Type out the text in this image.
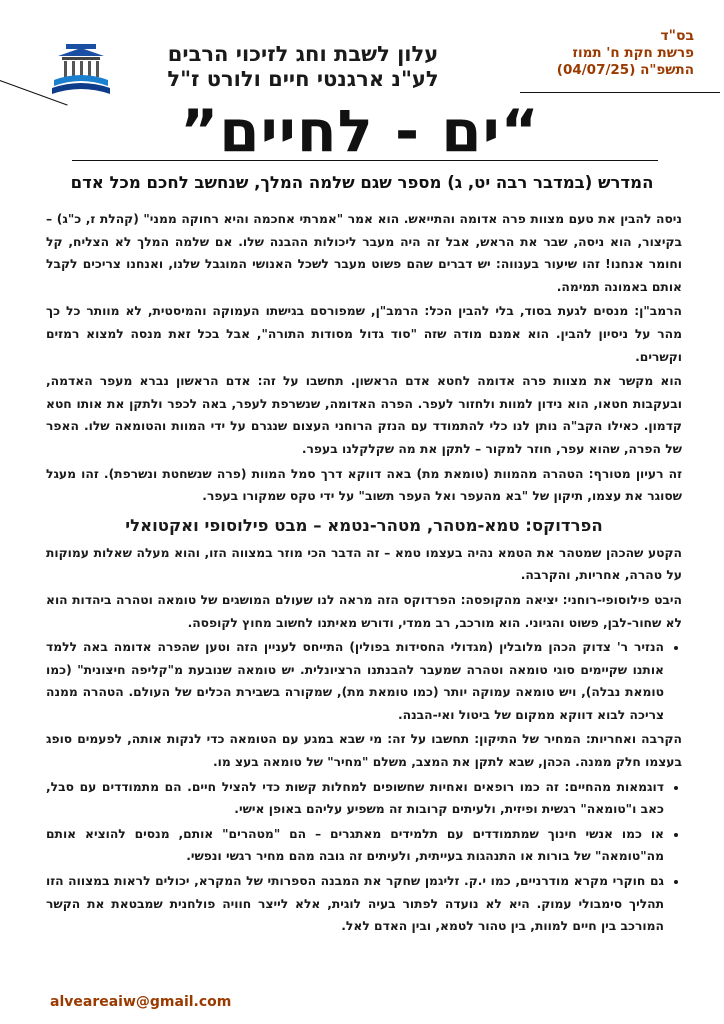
בס"ד
פרשת חקת ח' תמוז
התשפ"ה (04/07/25)
עלון לשבת וחג לזיכוי הרבים
לע"נ ארגנטי חיים ולורט ז"ל
“ים - לחיים”
המדרש (במדבר רבה יט, ג) מספר שגם שלמה המלך, שנחשב לחכם מכל אדם

ניסה להבין את טעם מצוות פרה אדומה והתייאש. הוא אמר "אמרתי אחכמה והיא רחוקה ממני" (קהלת ז, כ"ג) – בקיצור, הוא ניסה, שבר את הראש, אבל זה היה מעבר ליכולות ההבנה שלו. אם שלמה המלך לא הצליח, קל וחומר אנחנו! זהו שיעור בענווה: יש דברים שהם פשוט מעבר לשכל האנושי המוגבל שלנו, ואנחנו צריכים לקבל אותם באמונה תמימה.

הרמב"ן: מנסים לגעת בסוד, בלי להבין הכל: הרמב"ן, שמפורסם בגישתו העמוקה והמיסטית, לא מוותר כל כך מהר על ניסיון להבין. הוא אמנם מודה שזה "סוד גדול מסודות התורה", אבל בכל זאת מנסה למצוא רמזים וקשרים.

הוא מקשר את מצוות פרה אדומה לחטא אדם הראשון. תחשבו על זה: אדם הראשון נברא מעפר האדמה, ובעקבות חטאו, הוא נידון למוות ולחזור לעפר. הפרה האדומה, שנשרפת לעפר, באה לכפר ולתקן את אותו חטא קדמון. כאילו הקב"ה נותן לנו כלי להתמודד עם הנזק הרוחני העצום שנגרם על ידי המוות והטומאה שלו. האפר של הפרה, שהוא עפר, חוזר למקור – לתקן את מה שקלקלנו בעפר.

זה רעיון מטורף: הטהרה מהמוות (טומאת מת) באה דווקא דרך סמל המוות (פרה שנשחטת ונשרפת). זהו מעגל שסוגר את עצמו, תיקון של "בא מהעפר ואל העפר תשוב" על ידי טקס שמקורו בעפר.

הפרדוקס: טמא-מטהר, מטהר-נטמא – מבט פילוסופי ואקטואלי

הקטע שהכהן שמטהר את הטמא נהיה בעצמו טמא – זה הדבר הכי מוזר במצווה הזו, והוא מעלה שאלות עמוקות על טהרה, אחריות, והקרבה.

היבט פילוסופי-רוחני: יציאה מהקופסה: הפרדוקס הזה מראה לנו שעולם המושגים של טומאה וטהרה ביהדות הוא לא שחור-לבן, פשוט והגיוני. הוא מורכב, רב ממדי, ודורש מאיתנו לחשוב מחוץ לקופסה.

• הנזיר ר' צדוק הכהן מלובלין (מגדולי החסידות בפולין) התייחס לעניין הזה וטען שהפרה אדומה באה ללמד אותנו שקיימים סוגי טומאה וטהרה שמעבר להבנתנו הרציונלית. יש טומאה שנובעת מ"קליפה חיצונית" (כמו טומאת נבלה), ויש טומאה עמוקה יותר (כמו טומאת מת), שמקורה בשבירת הכלים של העולם. הטהרה ממנה צריכה לבוא דווקא ממקום של ביטול ואי-הבנה.

הקרבה ואחריות: המחיר של התיקון: תחשבו על זה: מי שבא במגע עם הטומאה כדי לנקות אותה, לפעמים סופג בעצמו חלק ממנה. הכהן, שבא לתקן את המצב, משלם "מחיר" של טומאה בעצ מו.

• דוגמאות מהחיים: זה כמו רופאים ואחיות שחשופים למחלות קשות כדי להציל חיים. הם מתמודדים עם סבל, כאב ו"טומאה" רגשית ופיזית, ולעיתים קרובות זה משפיע עליהם באופן אישי.
• או כמו אנשי חינוך שמתמודדים עם תלמידים מאתגרים – הם "מטהרים" אותם, מנסים להוציא אותם מה"טומאה" של בורות או התנהגות בעייתית, ולעיתים זה גובה מהם מחיר רגשי ונפשי.
• גם חוקרי מקרא מודרניים, כמו י.ק. זליגמן שחקר את המבנה הספרותי של המקרא, יכולים לראות במצווה הזו תהליך סימבולי עמוק. היא לא נועדה לפתור בעיה לוגית, אלא לייצר חוויה פולחנית שמבטאת את הקשר המורכב בין חיים למוות, בין טהור לטמא, ובין האדם לאל.
alveareaiw@gmail.com
